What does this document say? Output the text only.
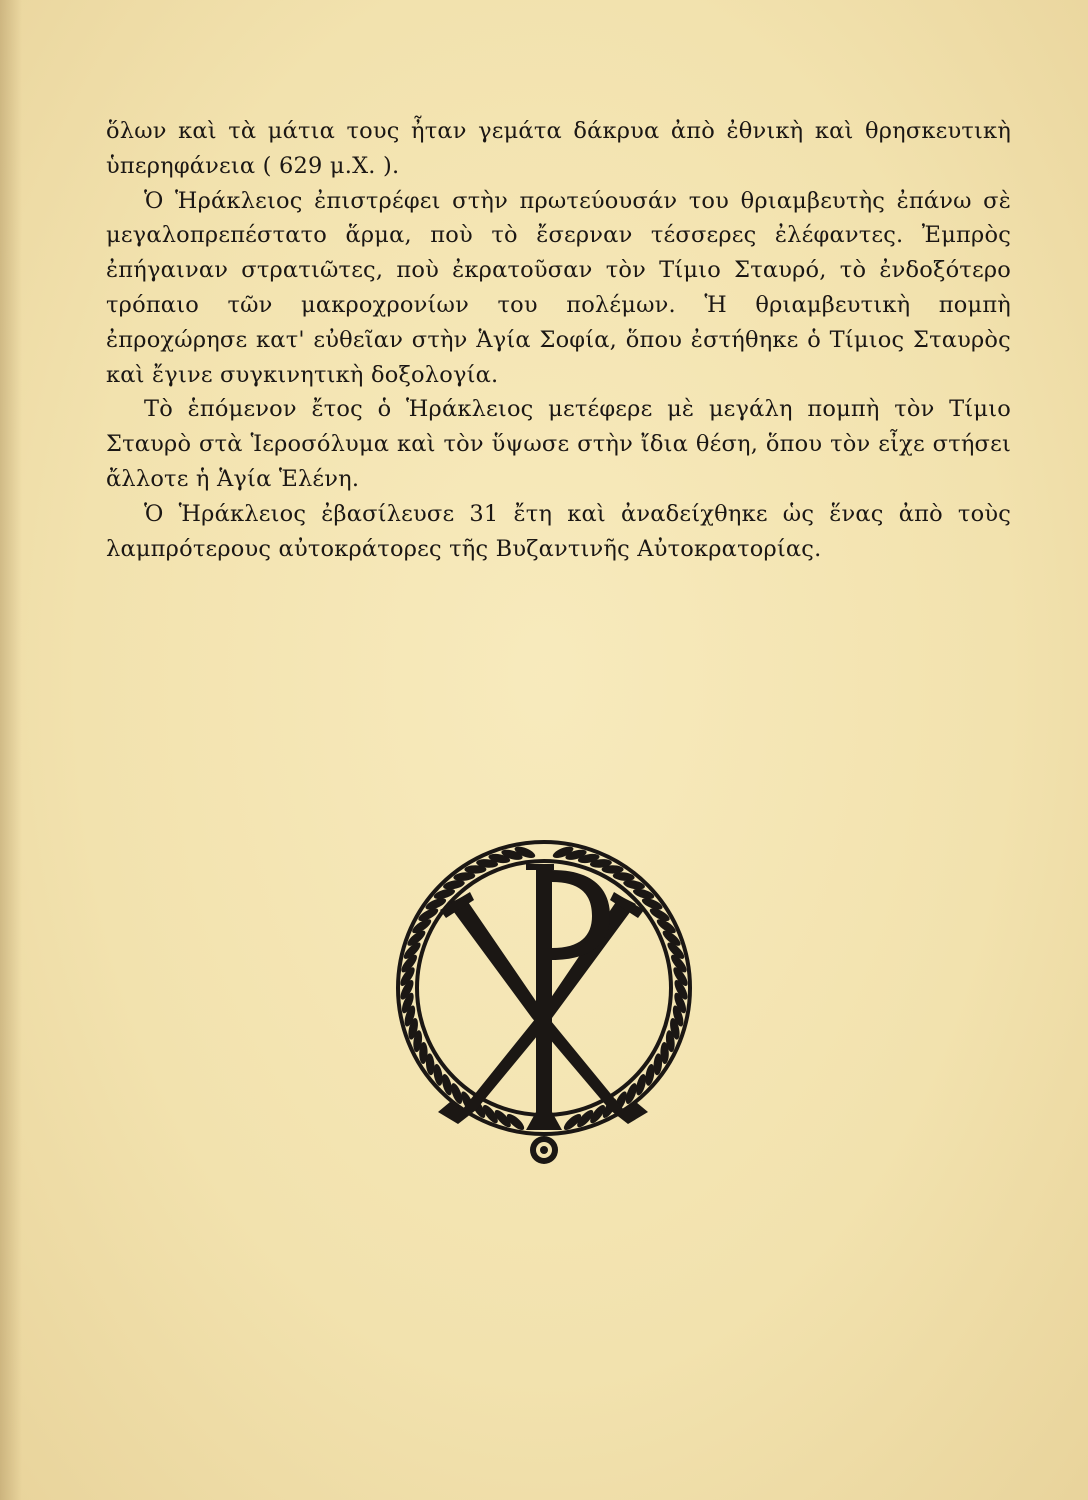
ὅλων καὶ τὰ μάτια τους ἦταν γεμάτα δάκρυα ἀπὸ ἐθνικὴ καὶ θρησκευτικὴ ὑπερηφάνεια ( 629 μ.Χ. ).

Ὁ Ἡράκλειος ἐπιστρέφει στὴν πρωτεύουσάν του θριαμβευτὴς ἐπάνω σὲ μεγαλοπρεπέστατο ἅρμα, ποὺ τὸ ἔσερναν τέσσερες ἐλέφαντες. Ἐμπρὸς ἐπήγαιναν στρατιῶτες, ποὺ ἐκρατοῦσαν τὸν Τίμιο Σταυρό, τὸ ἐνδοξότερο τρόπαιο τῶν μακροχρονίων του πολέμων. Ἡ θριαμβευτικὴ πομπὴ ἐπροχώρησε κατ' εὐθεῖαν στὴν Ἁγία Σοφία, ὅπου ἐστήθηκε ὁ Τίμιος Σταυρὸς καὶ ἔγινε συγκινητικὴ δοξολογία.

Τὸ ἑπόμενον ἔτος ὁ Ἡράκλειος μετέφερε μὲ μεγάλη πομπὴ τὸν Τίμιο Σταυρὸ στὰ Ἱεροσόλυμα καὶ τὸν ὕψωσε στὴν ἴδια θέση, ὅπου τὸν εἶχε στήσει ἄλλοτε ἡ Ἁγία Ἑλένη.

Ὁ Ἡράκλειος ἐβασίλευσε 31 ἔτη καὶ ἀναδείχθηκε ὡς ἕνας ἀπὸ τοὺς λαμπρότερους αὐτοκράτορες τῆς Βυζαντινῆς Αὐτοκρατορίας.
